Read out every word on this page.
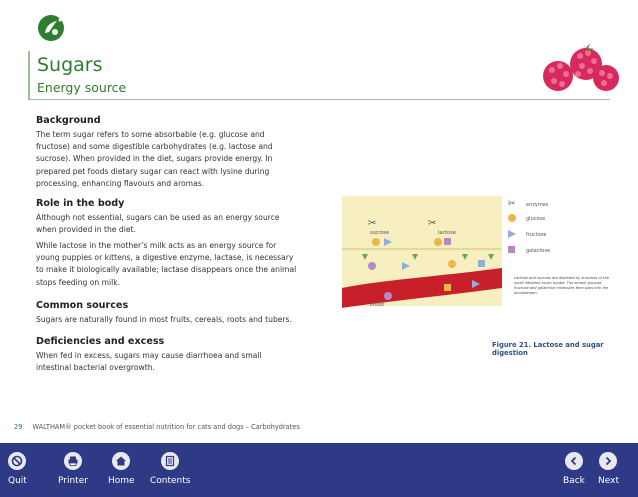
Sugars
Energy source
Background
The term sugar refers to some absorbable (e.g. glucose and fructose) and some digestible carbohydrates (e.g. lactose and sucrose). When provided in the diet, sugars provide energy. In prepared pet foods dietary sugar can react with lysine during processing, enhancing flavours and aromas.
Role in the body
Although not essential, sugars can be used as an energy source when provided in the diet.
While lactose in the mother’s milk acts as an energy source for young puppies or kittens, a digestive enzyme, lactase, is necessary to make it biologically available; lactase disappears once the animal stops feeding on milk.
Common sources
Sugars are naturally found in most fruits, cereals, roots and tubers.
Deficiencies and excess
When fed in excess, sugars may cause diarrhoea and small intestinal bacterial overgrowth.
✂	✂
sucrose	lactose
blood
✂ enzymes
glucose
fructose
galactose
Lactose and sucrose are digested by enzymes of the small intestine brush border. The simple glucose, fructose and galactose molecules then pass into the bloodstream.
Figure 21. Lactose and sugar digestion
29 WALTHAM® pocket book of essential nutrition for cats and dogs – Carbohydrates
Quit	Printer Home Contents	Back Next
